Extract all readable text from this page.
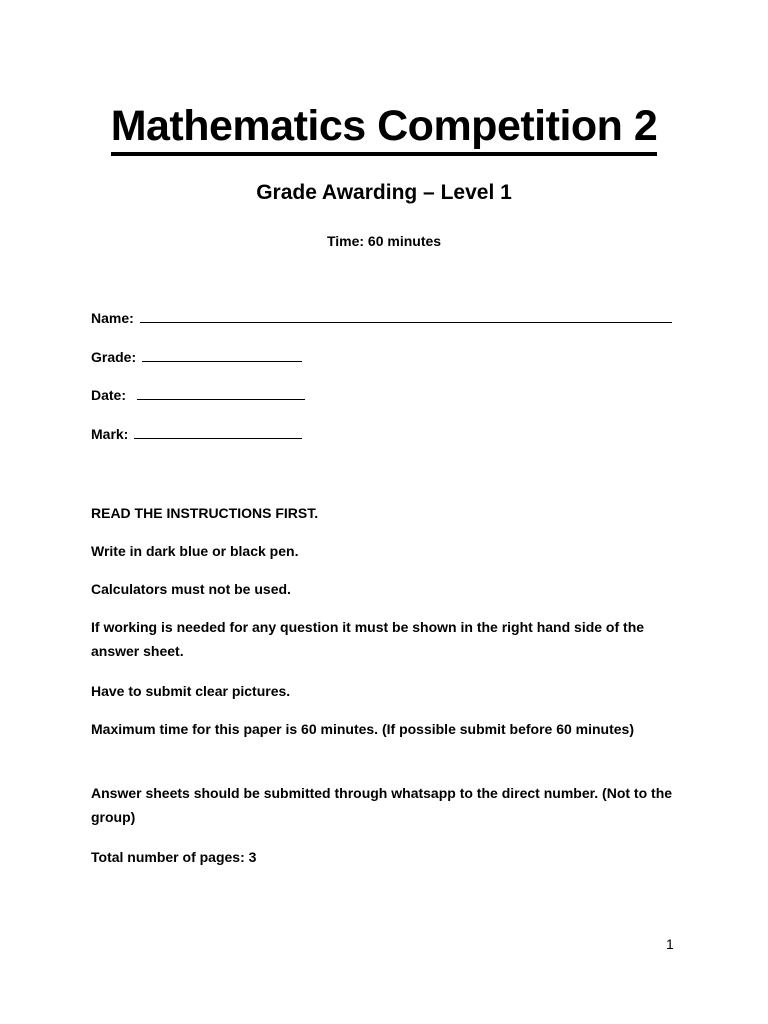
Mathematics Competition 2
Grade Awarding – Level 1
Time: 60 minutes
Name:
Grade:
Date:
Mark:
READ THE INSTRUCTIONS FIRST.
Write in dark blue or black pen.
Calculators must not be used.
If working is needed for any question it must be shown in the right hand side of the answer sheet.
Have to submit clear pictures.
Maximum time for this paper is 60 minutes. (If possible submit before 60 minutes)
Answer sheets should be submitted through whatsapp to the direct number. (Not to the group)
Total number of pages: 3
1
